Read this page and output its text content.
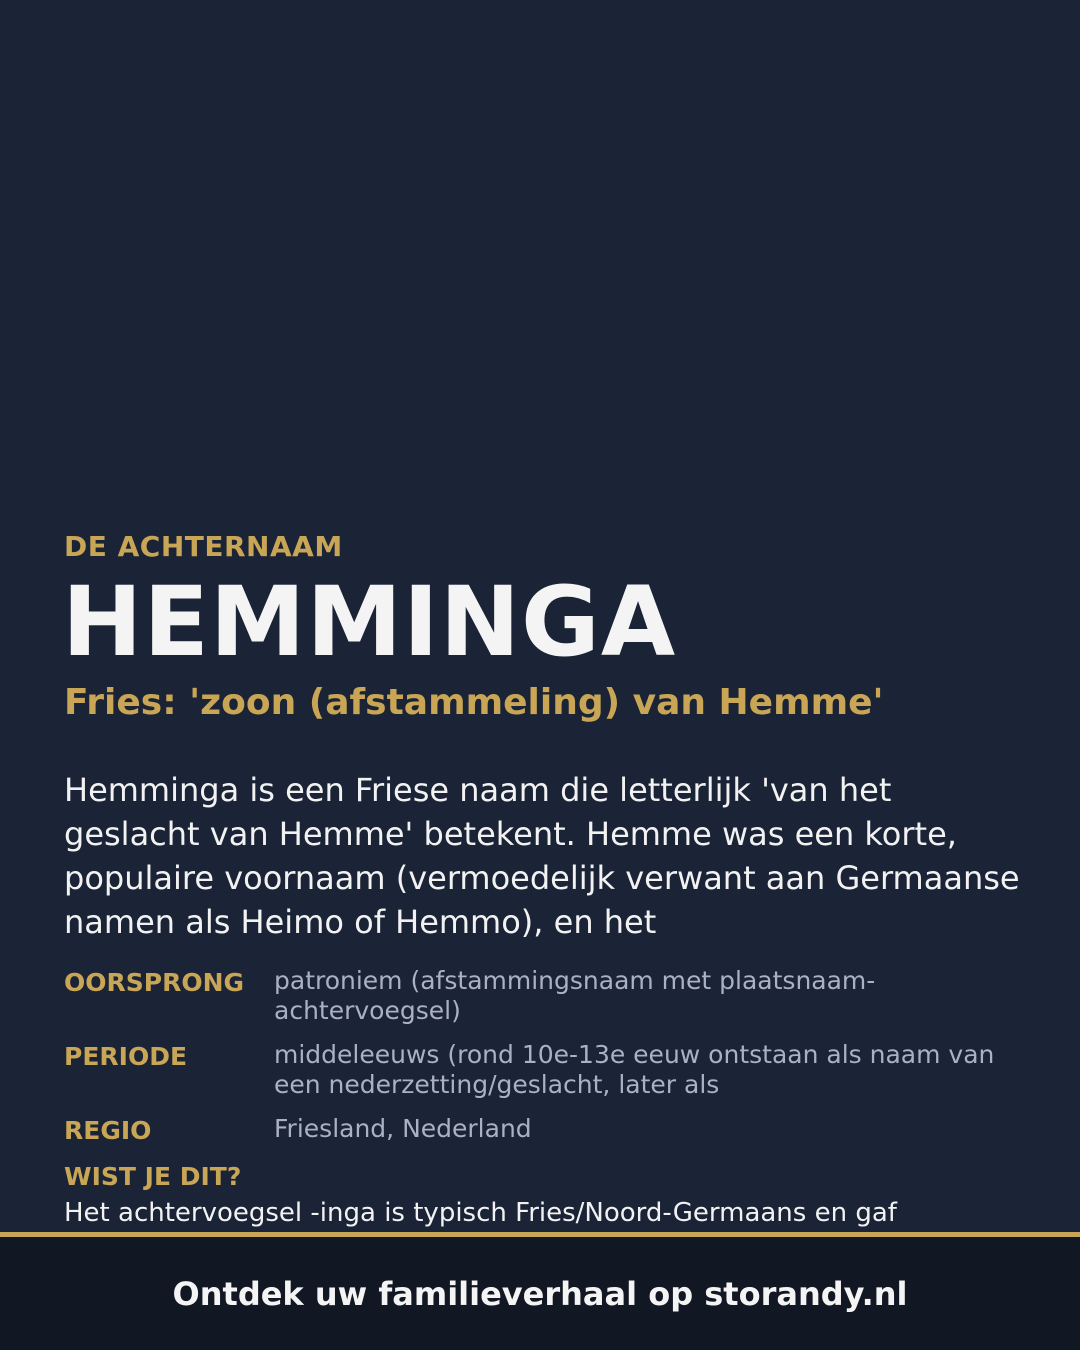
DE ACHTERNAAM
HEMMINGA
Fries: 'zoon (afstammeling) van Hemme'
Hemminga is een Friese naam die letterlijk 'van het geslacht van Hemme' betekent. Hemme was een korte, populaire voornaam (vermoedelijk verwant aan Germaanse namen als Heimo of Hemmo), en het
OORSPRONG	patroniem (afstammingsnaam met plaatsnaam-achtervoegsel)
PERIODE	middeleeuws (rond 10e-13e eeuw ontstaan als naam van een nederzetting/geslacht, later als
REGIO	Friesland, Nederland
WIST JE DIT?
Het achtervoegsel -inga is typisch Fries/Noord-Germaans en gaf
Ontdek uw familieverhaal op storandy.nl
